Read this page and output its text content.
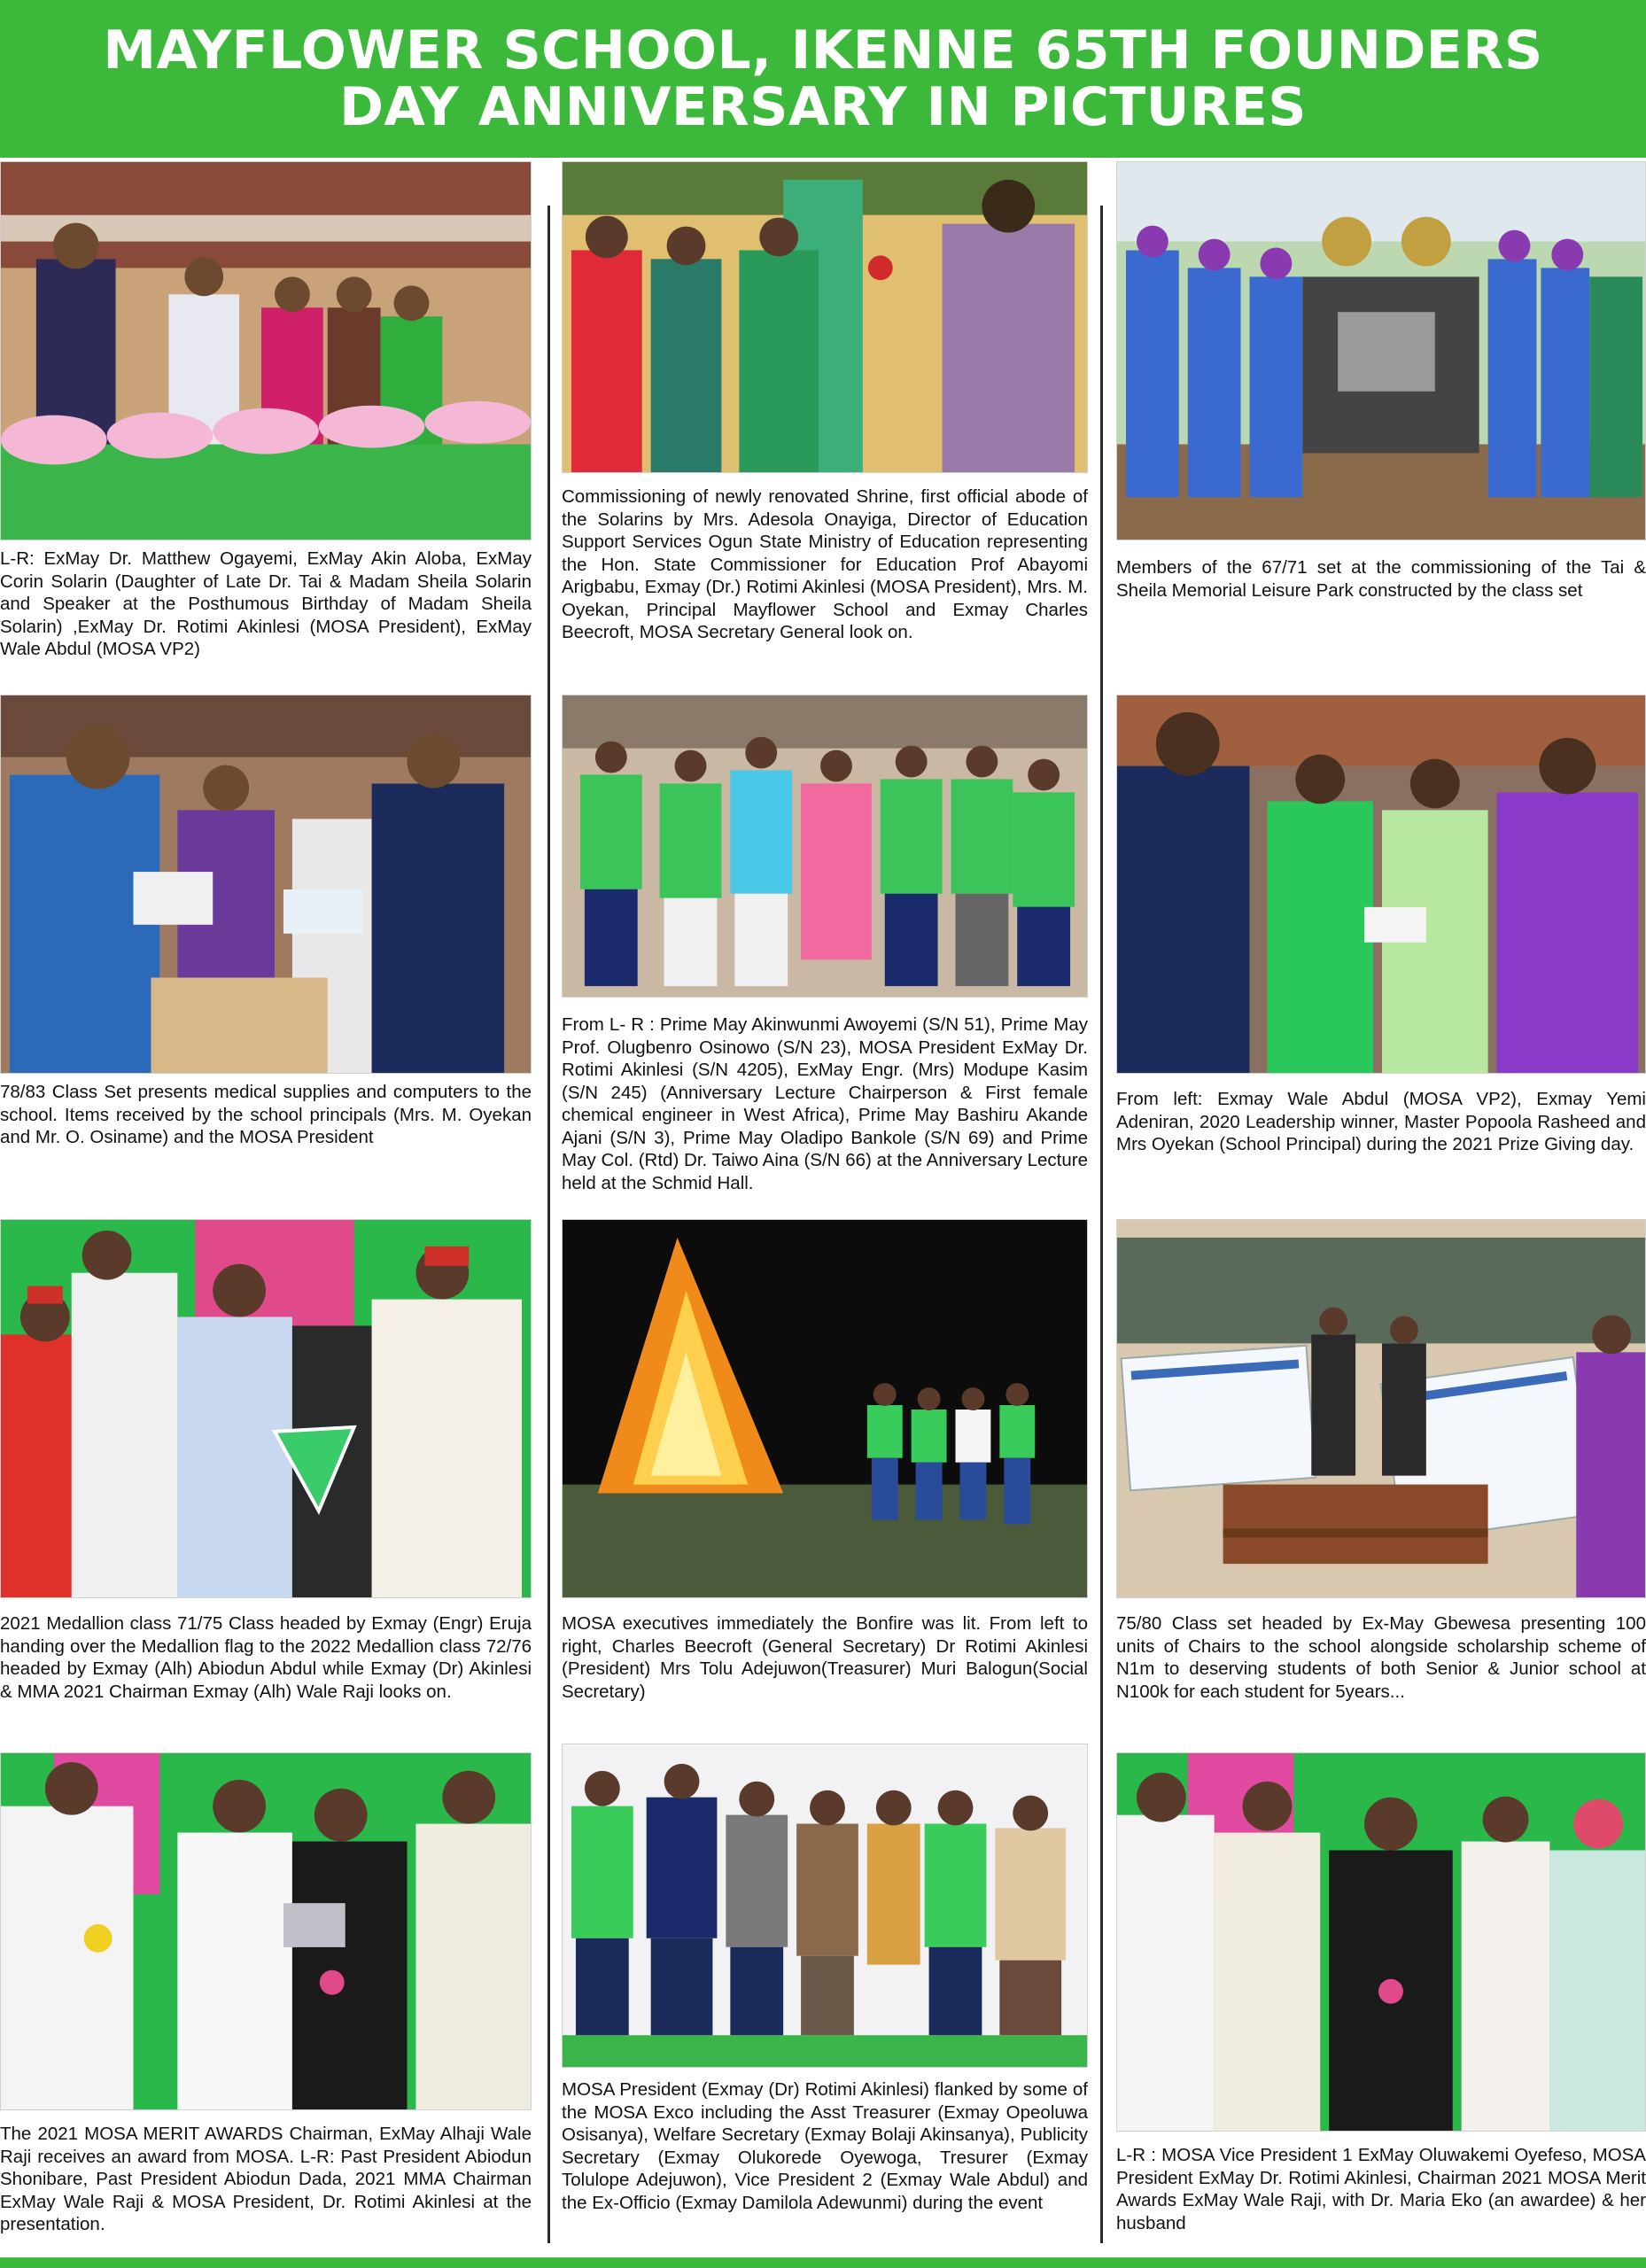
MAYFLOWER SCHOOL, IKENNE 65TH FOUNDERS
DAY ANNIVERSARY IN PICTURES

L-R: ExMay Dr. Matthew Ogayemi, ExMay Akin Aloba, ExMay Corin Solarin (Daughter of Late Dr. Tai & Madam Sheila Solarin and Speaker at the Posthumous Birthday of Madam Sheila Solarin) ,ExMay Dr. Rotimi Akinlesi (MOSA President), ExMay Wale Abdul (MOSA VP2)

Commissioning of newly renovated Shrine, first official abode of the Solarins by Mrs. Adesola Onayiga, Director of Education Support Services Ogun State Ministry of Education representing the Hon. State Commissioner for Education Prof Abayomi Arigbabu, Exmay (Dr.) Rotimi Akinlesi (MOSA President), Mrs. M. Oyekan, Principal Mayflower School and Exmay Charles Beecroft, MOSA Secretary General look on.

Members of the 67/71 set at the commissioning of the Tai & Sheila Memorial Leisure Park constructed by the class set

78/83 Class Set presents medical supplies and computers to the school. Items received by the school principals (Mrs. M. Oyekan and Mr. O. Osiname) and the MOSA President

From L- R : Prime May Akinwunmi Awoyemi (S/N 51), Prime May Prof. Olugbenro Osinowo (S/N 23), MOSA President ExMay Dr. Rotimi Akinlesi (S/N 4205), ExMay Engr. (Mrs) Modupe Kasim (S/N 245) (Anniversary Lecture Chairperson & First female chemical engineer in West Africa), Prime May Bashiru Akande Ajani (S/N 3), Prime May Oladipo Bankole (S/N 69) and Prime May Col. (Rtd) Dr. Taiwo Aina (S/N 66) at the Anniversary Lecture held at the Schmid Hall.

From left: Exmay Wale Abdul (MOSA VP2), Exmay Yemi Adeniran, 2020 Leadership winner, Master Popoola Rasheed and Mrs Oyekan (School Principal) during the 2021 Prize Giving day.

2021 Medallion class 71/75 Class headed by Exmay (Engr) Eruja handing over the Medallion flag to the 2022 Medallion class 72/76 headed by Exmay (Alh) Abiodun Abdul while Exmay (Dr) Akinlesi & MMA 2021 Chairman Exmay (Alh) Wale Raji looks on.

MOSA executives immediately the Bonfire was lit. From left to right, Charles Beecroft (General Secretary) Dr Rotimi Akinlesi (President) Mrs Tolu Adejuwon(Treasurer) Muri Balogun(Social Secretary)

75/80 Class set headed by Ex-May Gbewesa presenting 100 units of Chairs to the school alongside scholarship scheme of N1m to deserving students of both Senior & Junior school at N100k for each student for 5years...

The 2021 MOSA MERIT AWARDS Chairman, ExMay Alhaji Wale Raji receives an award from MOSA. L-R: Past President Abiodun Shonibare, Past President Abiodun Dada, 2021 MMA Chairman ExMay Wale Raji & MOSA President, Dr. Rotimi Akinlesi at the presentation.

MOSA President (Exmay (Dr) Rotimi Akinlesi) flanked by some of the MOSA Exco including the Asst Treasurer (Exmay Opeoluwa Osisanya), Welfare Secretary (Exmay Bolaji Akinsanya), Publicity Secretary (Exmay Olukorede Oyewoga, Tresurer (Exmay Tolulope Adejuwon), Vice President 2 (Exmay Wale Abdul) and the Ex-Officio (Exmay Damilola Adewunmi) during the event

L-R : MOSA Vice President 1 ExMay Oluwakemi Oyefeso, MOSA President ExMay Dr. Rotimi Akinlesi, Chairman 2021 MOSA Merit Awards ExMay Wale Raji, with Dr. Maria Eko (an awardee) & her husband
